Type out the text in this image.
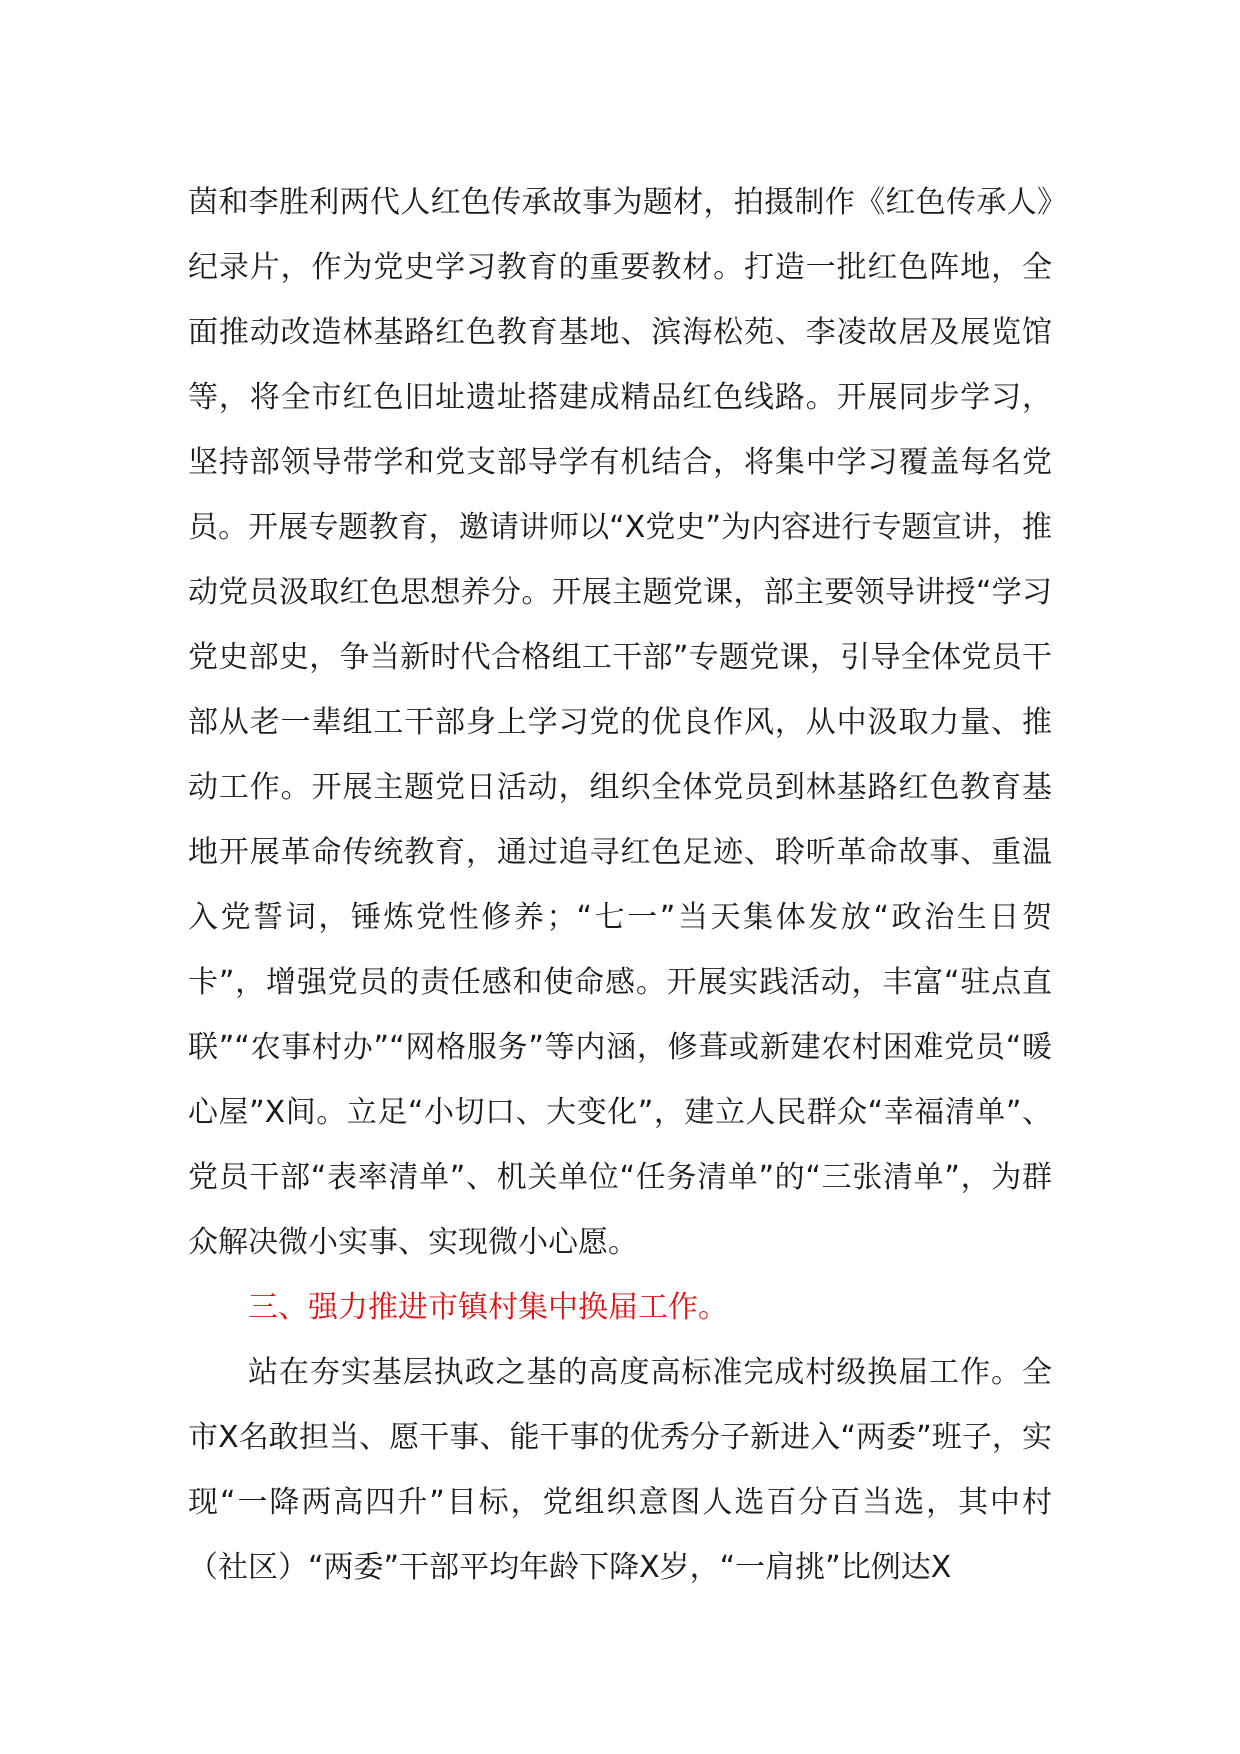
茵和李胜利两代人红色传承故事为题材，拍摄制作《红色传承人》纪录片，作为党史学习教育的重要教材。打造一批红色阵地，全面推动改造林基路红色教育基地、滨海松苑、李凌故居及展览馆等，将全市红色旧址遗址搭建成精品红色线路。开展同步学习，坚持部领导带学和党支部导学有机结合，将集中学习覆盖每名党员。开展专题教育，邀请讲师以“X党史”为内容进行专题宣讲，推动党员汲取红色思想养分。开展主题党课，部主要领导讲授“学习党史部史，争当新时代合格组工干部”专题党课，引导全体党员干部从老一辈组工干部身上学习党的优良作风，从中汲取力量、推动工作。开展主题党日活动，组织全体党员到林基路红色教育基地开展革命传统教育，通过追寻红色足迹、聆听革命故事、重温入党誓词，锤炼党性修养；“七一”当天集体发放“政治生日贺卡”，增强党员的责任感和使命感。开展实践活动，丰富“驻点直联”“农事村办”“网格服务”等内涵，修葺或新建农村困难党员“暖心屋”X间。立足“小切口、大变化”，建立人民群众“幸福清单”、党员干部“表率清单”、机关单位“任务清单”的“三张清单”，为群众解决微小实事、实现微小心愿。

三、强力推进市镇村集中换届工作。

站在夯实基层执政之基的高度高标准完成村级换届工作。全市X名敢担当、愿干事、能干事的优秀分子新进入“两委”班子，实现“一降两高四升”目标，党组织意图人选百分百当选，其中村（社区）“两委”干部平均年龄下降X岁，“一肩挑”比例达X
